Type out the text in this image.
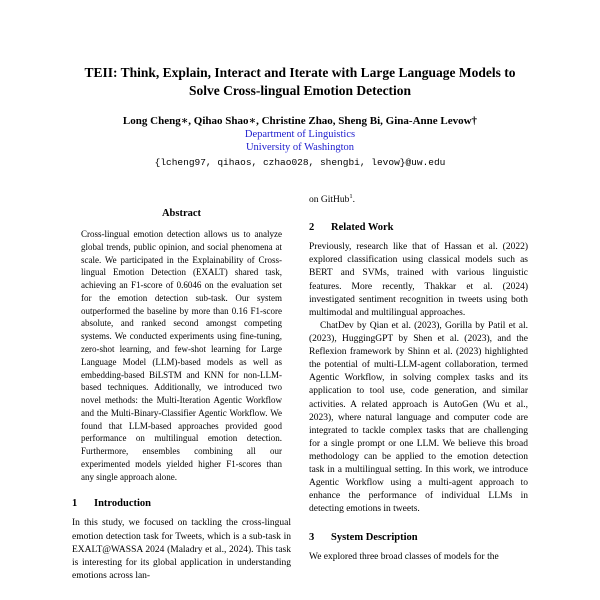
TEII: Think, Explain, Interact and Iterate with Large Language Models to
Solve Cross-lingual Emotion Detection
Long Cheng∗, Qihao Shao∗, Christine Zhao, Sheng Bi, Gina-Anne Levow†
Department of Linguistics
University of Washington
{lcheng97, qihaos, czhao028, shengbi, levow}@uw.edu
Abstract

Cross-lingual emotion detection allows us to analyze global trends, public opinion, and social phenomena at scale. We participated in the Explainability of Cross-lingual Emotion Detection (EXALT) shared task, achieving an F1-score of 0.6046 on the evaluation set for the emotion detection sub-task. Our system outperformed the baseline by more than 0.16 F1-score absolute, and ranked second amongst competing systems. We conducted experiments using fine-tuning, zero-shot learning, and few-shot learning for Large Language Model (LLM)-based models as well as embedding-based BiLSTM and KNN for non-LLM-based techniques. Additionally, we introduced two novel methods: the Multi-Iteration Agentic Workflow and the Multi-Binary-Classifier Agentic Workflow. We found that LLM-based approaches provided good performance on multilingual emotion detection. Furthermore, ensembles combining all our experimented models yielded higher F1-scores than any single approach alone.

1 Introduction

In this study, we focused on tackling the cross-lingual emotion detection task for Tweets, which is a sub-task in EXALT@WASSA 2024 (Maladry et al., 2024). This task is interesting for its global application in understanding emotions across lan-

on GitHub$^1$.

2 Related Work

Previously, research like that of Hassan et al. (2022) explored classification using classical models such as BERT and SVMs, trained with various linguistic features. More recently, Thakkar et al. (2024) investigated sentiment recognition in tweets using both multimodal and multilingual approaches.

ChatDev by Qian et al. (2023), Gorilla by Patil et al. (2023), HuggingGPT by Shen et al. (2023), and the Reflexion framework by Shinn et al. (2023) highlighted the potential of multi-LLM-agent collaboration, termed Agentic Workflow, in solving complex tasks and its application to tool use, code generation, and similar activities. A related approach is AutoGen (Wu et al., 2023), where natural language and computer code are integrated to tackle complex tasks that are challenging for a single prompt or one LLM. We believe this broad methodology can be applied to the emotion detection task in a multilingual setting. In this work, we introduce Agentic Workflow using a multi-agent approach to enhance the performance of individual LLMs in detecting emotions in tweets.

3 System Description

We explored three broad classes of models for the
